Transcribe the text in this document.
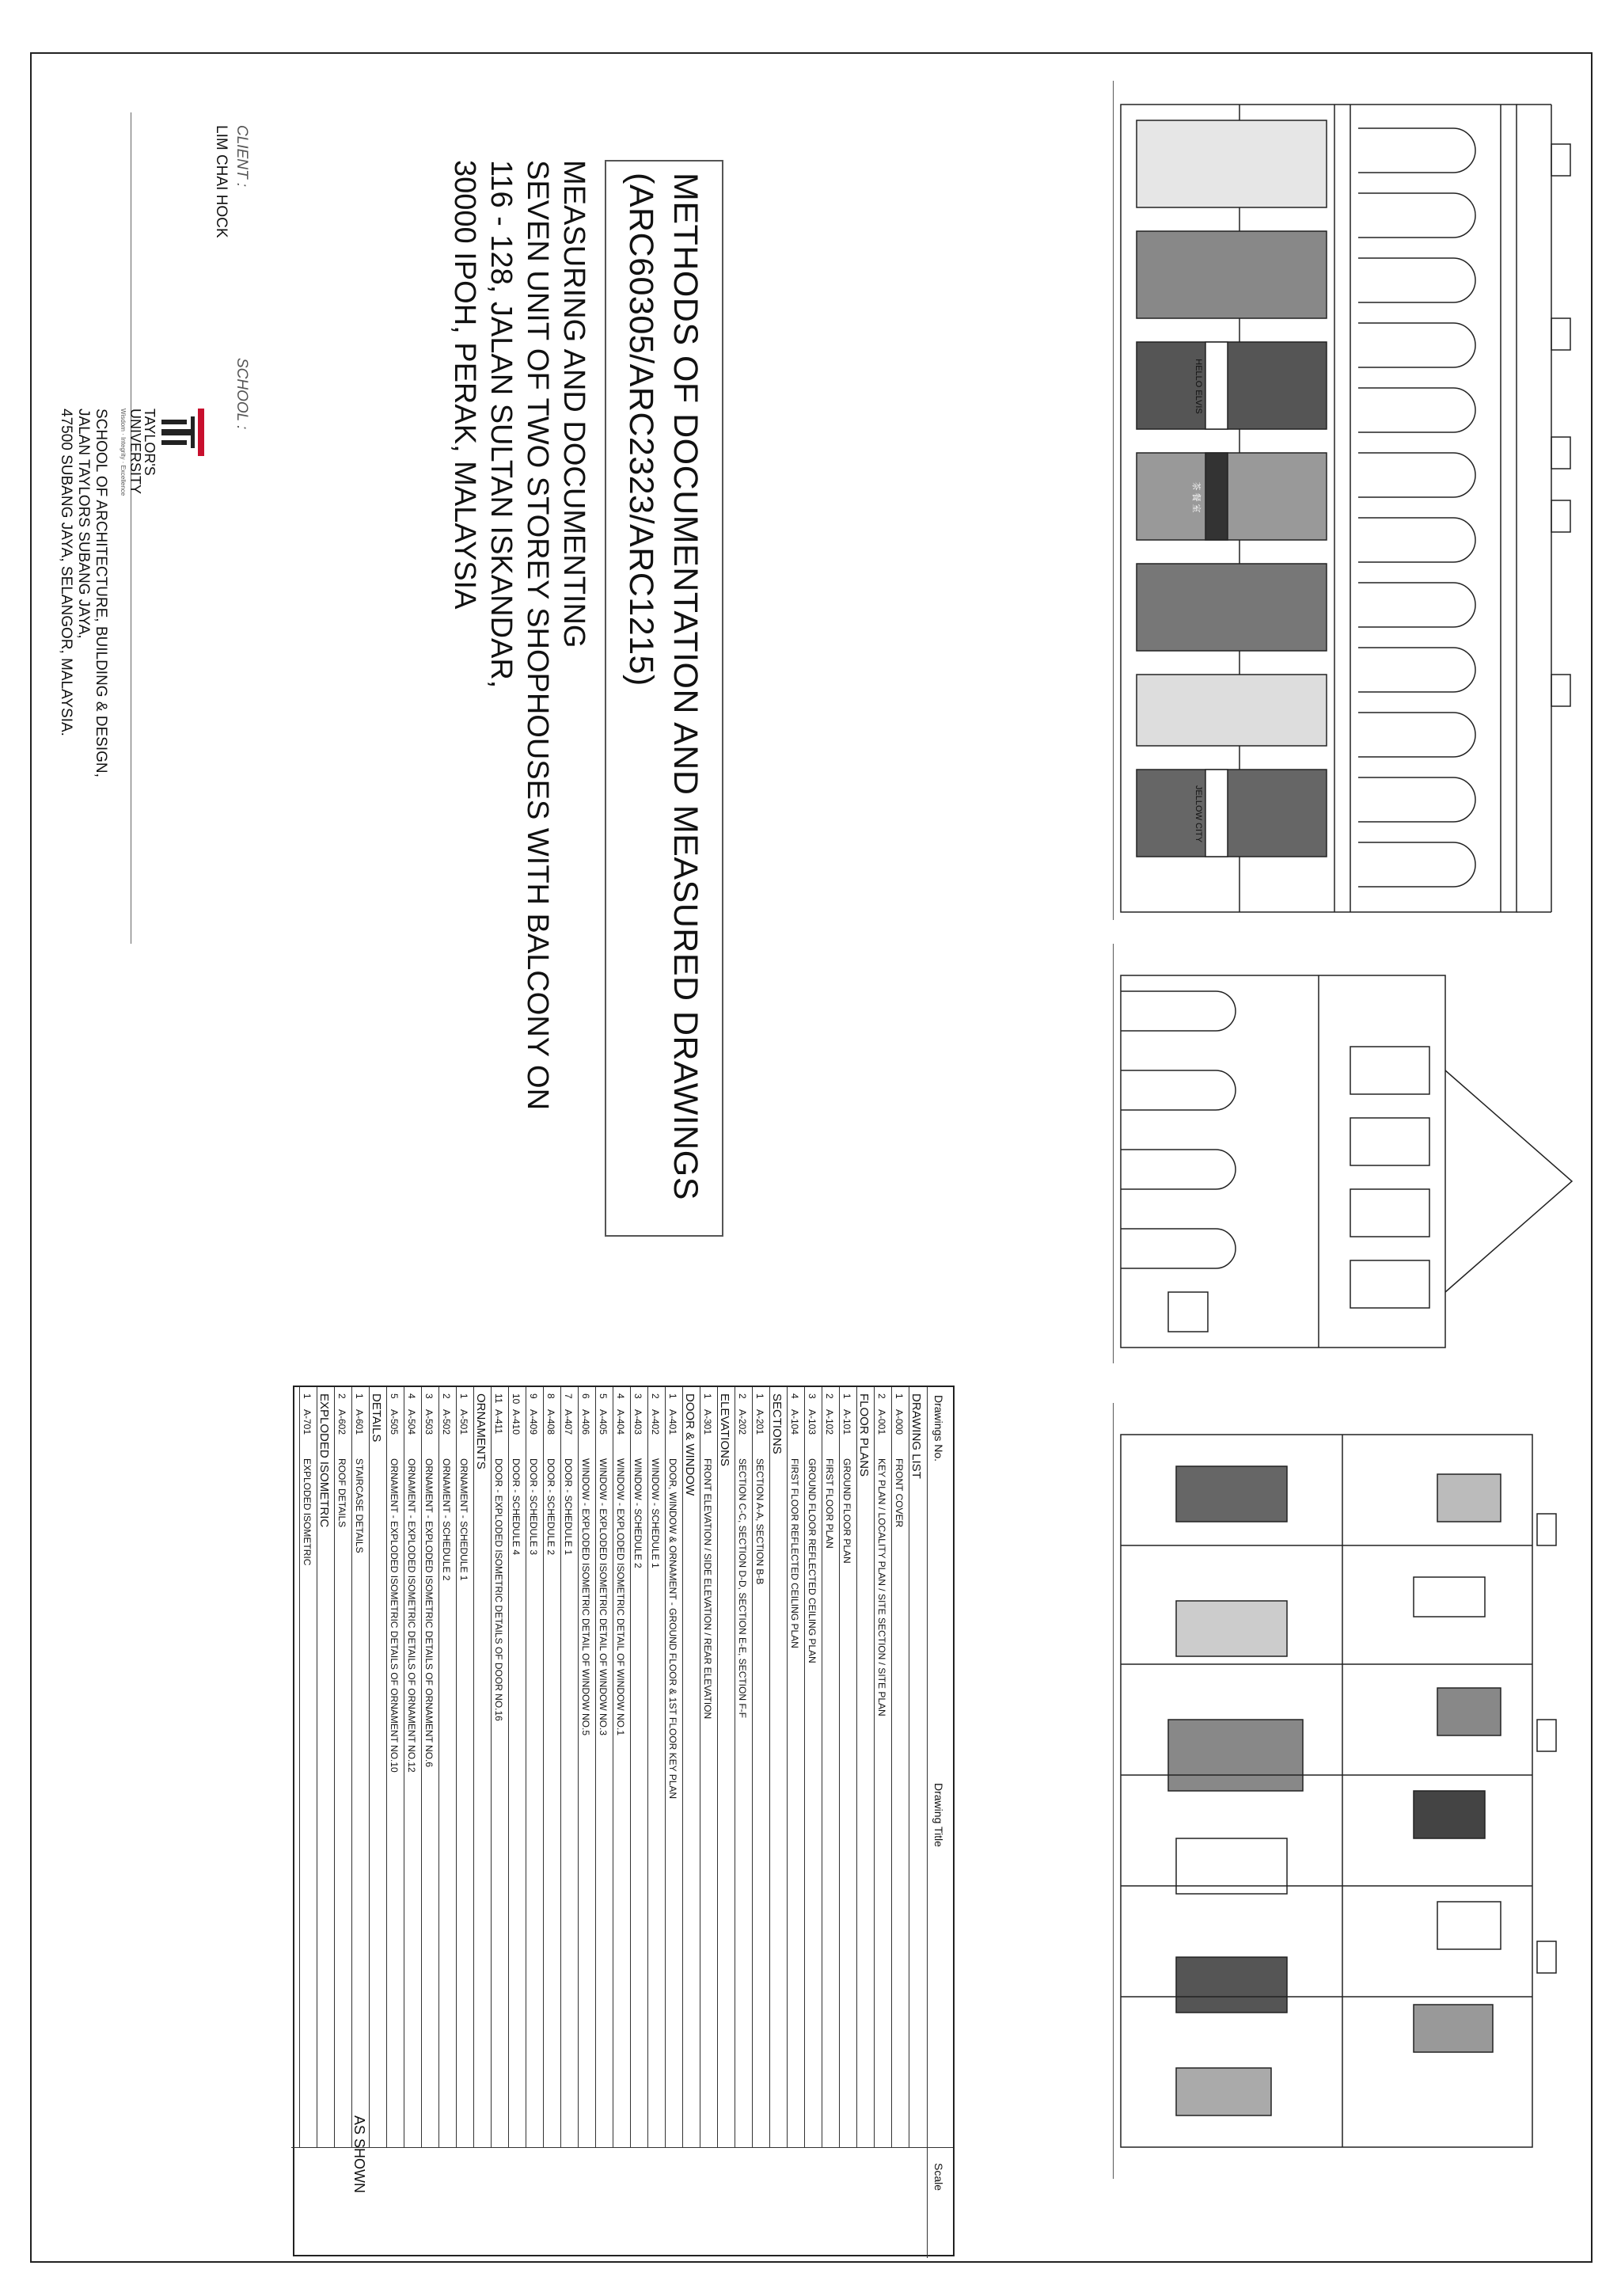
HELLO ELVIS
JELLOW CITY
茶 餐 室
METHODS OF DOCUMENTATION AND MEASURED DRAWINGS
(ARC60305/ARC2323/ARC1215)
MEASURING AND DOCUMENTING
SEVEN UNIT OF TWO STOREY SHOPHOUSES WITH BALCONY ON
116 - 128, JALAN SULTAN ISKANDAR,
30000 IPOH, PERAK, MALAYSIA
CLIENT :
LIM CHAI HOCK
SCHOOL :
TAYLOR'S
UNIVERSITY
Wisdom · Integrity · Excellence
SCHOOL OF ARCHITECTURE, BUILDING & DESIGN,
JALAN TAYLORS SUBANG JAYA,
47500 SUBANG JAYA, SELANGOR, MALAYSIA.
Drawings No.
Drawing Title
Scale
AS SHOWN
DRAWING LIST
1
A-000
FRONT COVER
2
A-001
KEY PLAN / LOCALITY PLAN / SITE SECTION / SITE PLAN
FLOOR PLANS
1
A-101
GROUND FLOOR PLAN
2
A-102
FIRST FLOOR PLAN
3
A-103
GROUND FLOOR REFLECTED CEILING PLAN
4
A-104
FIRST FLOOR REFLECTED CEILING PLAN
SECTIONS
1
A-201
SECTION A-A, SECTION B-B
2
A-202
SECTION C-C, SECTION D-D, SECTION E-E, SECTION F-F
ELEVATIONS
1
A-301
FRONT ELEVATION / SIDE ELEVATION / REAR ELEVATION
DOOR & WINDOW
1
A-401
DOOR, WINDOW & ORNAMENT - GROUND FLOOR & 1ST FLOOR KEY PLAN
2
A-402
WINDOW - SCHEDULE 1
3
A-403
WINDOW - SCHEDULE 2
4
A-404
WINDOW - EXPLODED ISOMETRIC DETAIL OF WINDOW NO.1
5
A-405
WINDOW - EXPLODED ISOMETRIC DETAIL OF WINDOW NO.3
6
A-406
WINDOW - EXPLODED ISOMETRIC DETAIL OF WINDOW NO.5
7
A-407
DOOR - SCHEDULE 1
8
A-408
DOOR - SCHEDULE 2
9
A-409
DOOR - SCHEDULE 3
10
A-410
DOOR - SCHEDULE 4
11
A-411
DOOR - EXPLODED ISOMETRIC DETAILS OF DOOR NO.16
ORNAMENTS
1
A-501
ORNAMENT - SCHEDULE 1
2
A-502
ORNAMENT - SCHEDULE 2
3
A-503
ORNAMENT - EXPLODED ISOMETRIC DETAILS OF ORNAMENT NO.6
4
A-504
ORNAMENT - EXPLODED ISOMETRIC DETAILS OF ORNAMENT NO.12
5
A-505
ORNAMENT - EXPLODED ISOMETRIC DETAILS OF ORNAMENT NO.10
DETAILS
1
A-601
STAIRCASE DETAILS
2
A-602
ROOF DETAILS
EXPLODED ISOMETRIC
1
A-701
EXPLODED ISOMETRIC
